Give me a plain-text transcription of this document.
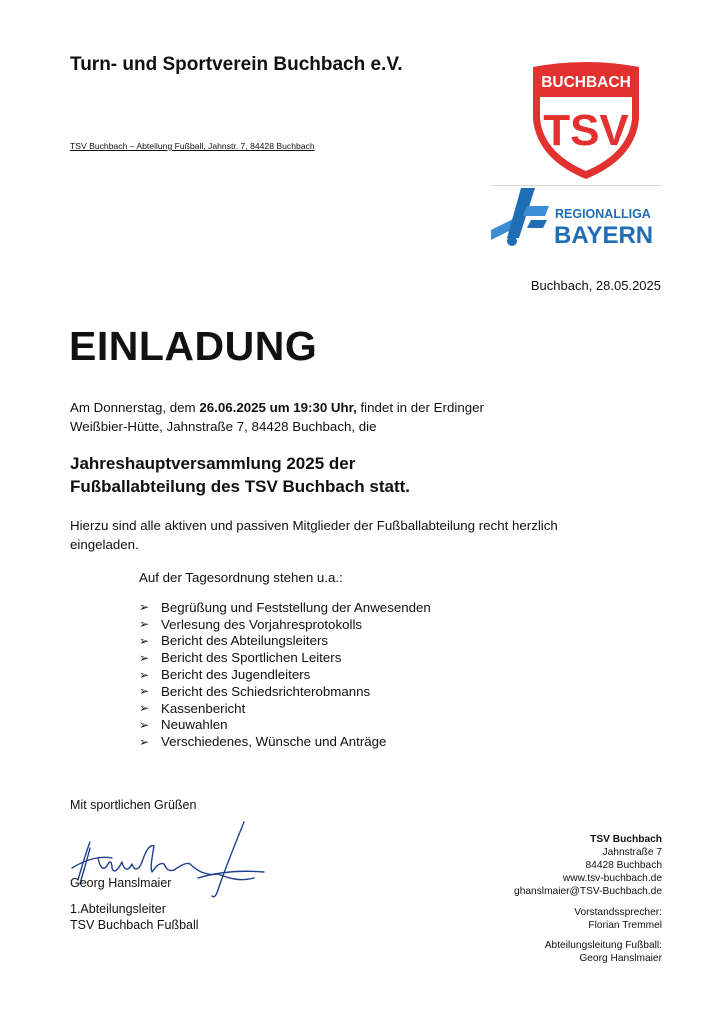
Turn- und Sportverein Buchbach e.V.
TSV Buchbach – Abteilung Fußball, Jahnstr. 7, 84428 Buchbach
BUCHBACH
TSV
REGIONALLIGA
BAYERN
Buchbach, 28.05.2025
EINLADUNG
Am Donnerstag, dem 26.06.2025 um 19:30 Uhr, findet in der Erdinger Weißbier-Hütte, Jahnstraße 7, 84428 Buchbach, die
Jahreshauptversammlung 2025 der
Fußballabteilung des TSV Buchbach statt.
Hierzu sind alle aktiven und passiven Mitglieder der Fußballabteilung recht herzlich eingeladen.
Auf der Tagesordnung stehen u.a.:
➢ Begrüßung und Feststellung der Anwesenden
➢ Verlesung des Vorjahresprotokolls
➢ Bericht des Abteilungsleiters
➢ Bericht des Sportlichen Leiters
➢ Bericht des Jugendleiters
➢ Bericht des Schiedsrichterobmanns
➢ Kassenbericht
➢ Neuwahlen
➢ Verschiedenes, Wünsche und Anträge
Mit sportlichen Grüßen
Georg Hanslmaier
1.Abteilungsleiter
TSV Buchbach Fußball
TSV Buchbach
Jahnstraße 7
84428 Buchbach
www.tsv-buchbach.de
ghanslmaier@TSV-Buchbach.de
Vorstandssprecher:
Florian Tremmel
Abteilungsleitung Fußball:
Georg Hanslmaier
